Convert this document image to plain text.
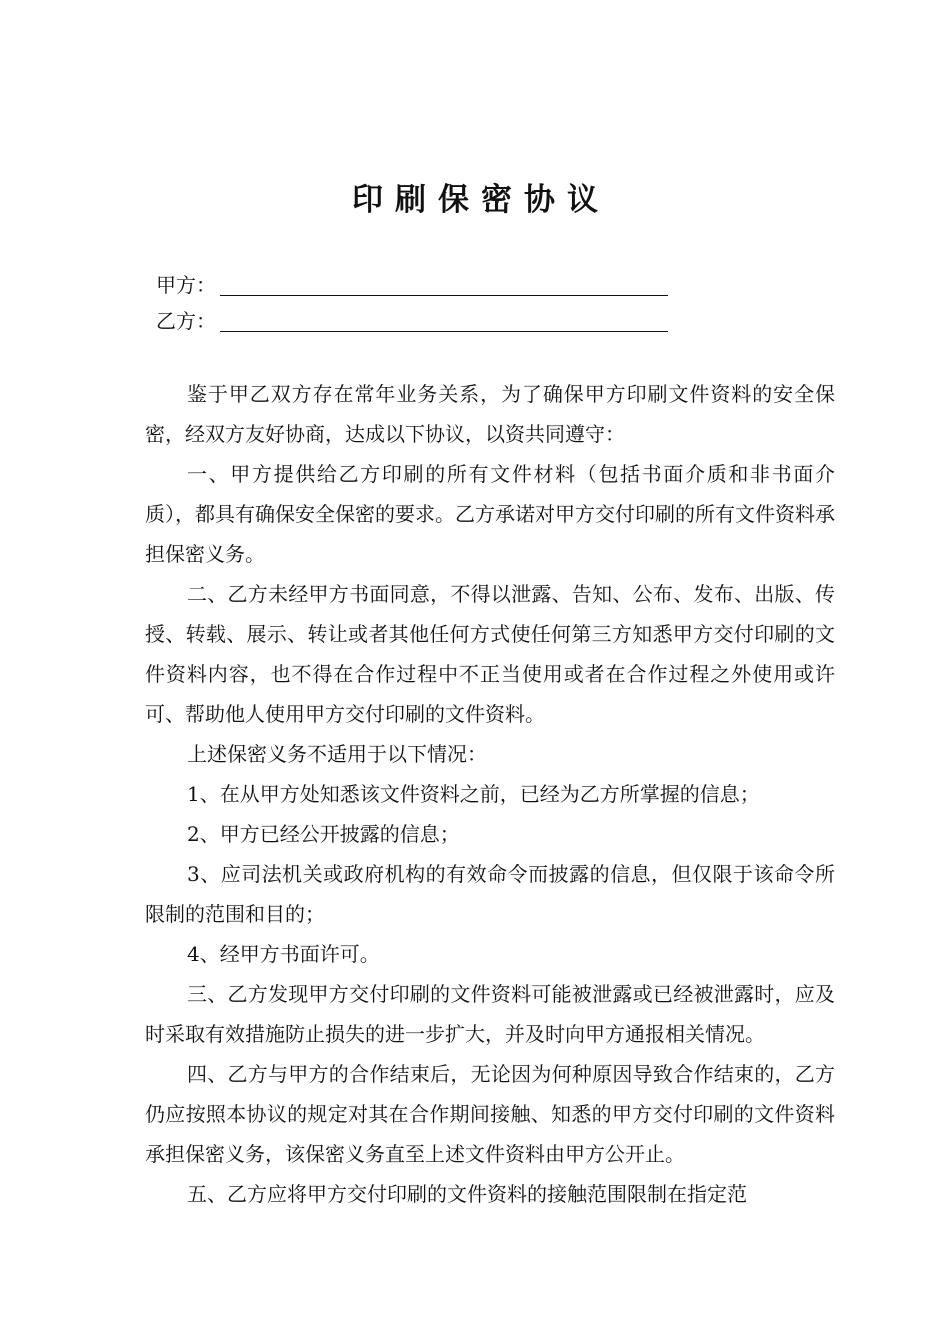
印刷保密协议
甲方：
乙方：

鉴于甲乙双方存在常年业务关系，为了确保甲方印刷文件资料的安全保密，经双方友好协商，达成以下协议，以资共同遵守：

一、甲方提供给乙方印刷的所有文件材料（包括书面介质和非书面介质），都具有确保安全保密的要求。乙方承诺对甲方交付印刷的所有文件资料承担保密义务。

二、乙方未经甲方书面同意，不得以泄露、告知、公布、发布、出版、传授、转载、展示、转让或者其他任何方式使任何第三方知悉甲方交付印刷的文件资料内容，也不得在合作过程中不正当使用或者在合作过程之外使用或许可、帮助他人使用甲方交付印刷的文件资料。

上述保密义务不适用于以下情况：

1、在从甲方处知悉该文件资料之前，已经为乙方所掌握的信息；

2、甲方已经公开披露的信息；

3、应司法机关或政府机构的有效命令而披露的信息，但仅限于该命令所限制的范围和目的；

4、经甲方书面许可。

三、乙方发现甲方交付印刷的文件资料可能被泄露或已经被泄露时，应及时采取有效措施防止损失的进一步扩大，并及时向甲方通报相关情况。

四、乙方与甲方的合作结束后，无论因为何种原因导致合作结束的，乙方仍应按照本协议的规定对其在合作期间接触、知悉的甲方交付印刷的文件资料承担保密义务，该保密义务直至上述文件资料由甲方公开止。

五、乙方应将甲方交付印刷的文件资料的接触范围限制在指定范
